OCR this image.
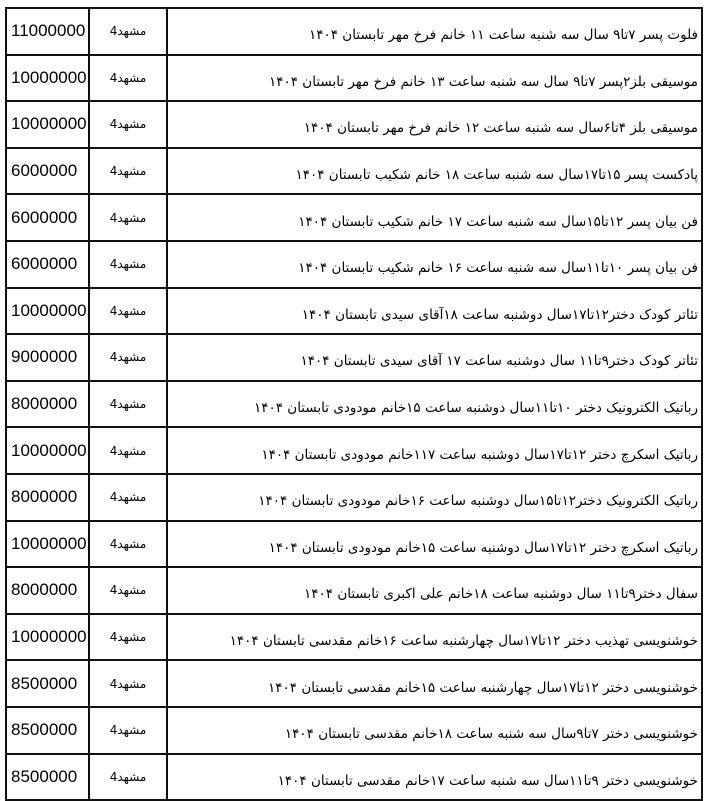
11000000	مشهد4	فلوت پسر ۷تا۹ سال سه شنبه ساعت ۱۱ خانم فرخ مهر تابستان ۱۴۰۴
10000000	مشهد4	موسیقی بلز۲پسر ۷تا۹ سال سه شنبه ساعت ۱۳ خانم فرخ مهر تابستان ۱۴۰۴
10000000	مشهد4	موسیقی بلز ۴تا۶سال سه شنبه ساعت ۱۲ خانم فرخ مهر تابستان ۱۴۰۴
6000000	مشهد4	پادکست پسر ۱۵تا۱۷سال سه شنبه ساعت ۱۸ خانم شکیب تابستان ۱۴۰۴
6000000	مشهد4	فن بیان پسر ۱۲تا۱۵سال سه شنبه ساعت ۱۷ خانم شکیب تابستان ۱۴۰۴
6000000	مشهد4	فن بیان پسر ۱۰تا۱۱سال سه شنبه ساعت ۱۶ خانم شکیب تابستان ۱۴۰۴
10000000	مشهد4	تئاتر کودک دختر۱۲تا۱۷سال دوشنبه ساعت ۱۸آقای سیدی تابستان ۱۴۰۴
9000000	مشهد4	تئاتر کودک دختر۹تا۱۱ سال دوشنبه ساعت ۱۷ آقای سیدی تابستان ۱۴۰۴
8000000	مشهد4	رباتیک الکترونیک دختر ۱۰تا۱۱سال دوشنبه ساعت ۱۵خانم مودودی تابستان ۱۴۰۴
10000000	مشهد4	رباتیک اسکرچ دختر ۱۲تا۱۷سال دوشنبه ساعت ۱۱۷خانم مودودی تابستان ۱۴۰۴
8000000	مشهد4	رباتیک الکترونیک دختر۱۲تا۱۵سال دوشنبه ساعت ۱۶خانم مودودی تابستان ۱۴۰۴
10000000	مشهد4	رباتیک اسکرچ دختر ۱۲تا۱۷سال دوشنبه ساعت ۱۵خانم مودودی تابستان ۱۴۰۴
8000000	مشهد4	سفال دختر۹تا۱۱ سال دوشنبه ساعت ۱۸خانم علی اکبری تابستان ۱۴۰۴
10000000	مشهد4	خوشنویسی تهذیب دختر ۱۲تا۱۷سال چهارشنبه ساعت ۱۶خانم مقدسی تابستان ۱۴۰۴
8500000	مشهد4	خوشنویسی دختر ۱۲تا۱۷سال چهارشنبه ساعت ۱۵خانم مقدسی تابستان ۱۴۰۴
8500000	مشهد4	خوشنویسی دختر ۷تا۹سال سه شنبه ساعت ۱۸خانم مقدسی تابستان ۱۴۰۴
8500000	مشهد4	خوشنویسی دختر ۹تا۱۱سال سه شنبه ساعت ۱۷خانم مقدسی تابستان ۱۴۰۴
